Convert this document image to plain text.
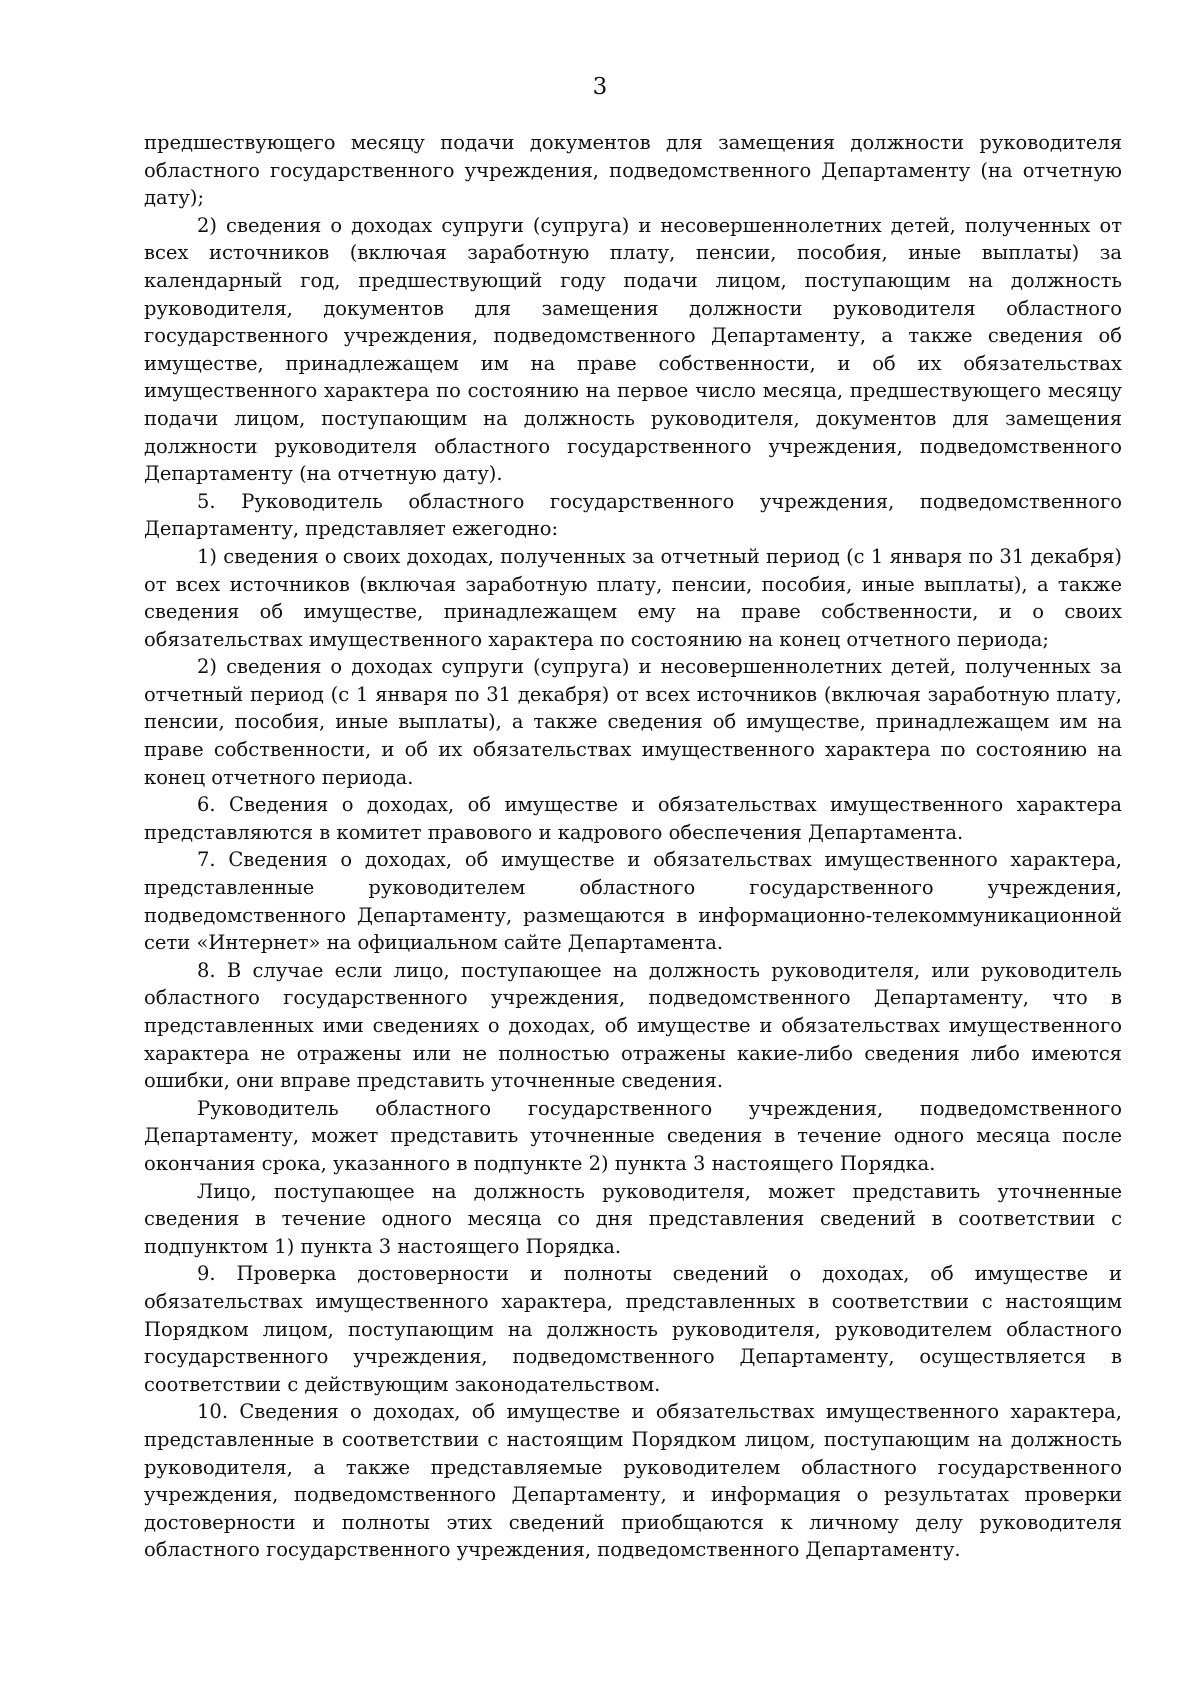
3

предшествующего месяцу подачи документов для замещения должности руководителя областного государственного учреждения, подведомственного Департаменту (на отчетную дату);

2) сведения о доходах супруги (супруга) и несовершеннолетних детей, полученных от всех источников (включая заработную плату, пенсии, пособия, иные выплаты) за календарный год, предшествующий году подачи лицом, поступающим на должность руководителя, документов для замещения должности руководителя областного государственного учреждения, подведомственного Департаменту, а также сведения об имуществе, принадлежащем им на праве собственности, и об их обязательствах имущественного характера по состоянию на первое число месяца, предшествующего месяцу подачи лицом, поступающим на должность руководителя, документов для замещения должности руководителя областного государственного учреждения, подведомственного Департаменту (на отчетную дату).

5. Руководитель областного государственного учреждения, подведомственного Департаменту, представляет ежегодно:

1) сведения о своих доходах, полученных за отчетный период (с 1 января по 31 декабря) от всех источников (включая заработную плату, пенсии, пособия, иные выплаты), а также сведения об имуществе, принадлежащем ему на праве собственности, и о своих обязательствах имущественного характера по состоянию на конец отчетного периода;

2) сведения о доходах супруги (супруга) и несовершеннолетних детей, полученных за отчетный период (с 1 января по 31 декабря) от всех источников (включая заработную плату, пенсии, пособия, иные выплаты), а также сведения об имуществе, принадлежащем им на праве собственности, и об их обязательствах имущественного характера по состоянию на конец отчетного периода.

6. Сведения о доходах, об имуществе и обязательствах имущественного характера представляются в комитет правового и кадрового обеспечения Департамента.

7. Сведения о доходах, об имуществе и обязательствах имущественного характера, представленные руководителем областного государственного учреждения, подведомственного Департаменту, размещаются в информационно-телекоммуникационной сети «Интернет» на официальном сайте Департамента.

8. В случае если лицо, поступающее на должность руководителя, или руководитель областного государственного учреждения, подведомственного Департаменту, что в представленных ими сведениях о доходах, об имуществе и обязательствах имущественного характера не отражены или не полностью отражены какие-либо сведения либо имеются ошибки, они вправе представить уточненные сведения.

Руководитель областного государственного учреждения, подведомственного Департаменту, может представить уточненные сведения в течение одного месяца после окончания срока, указанного в подпункте 2) пункта 3 настоящего Порядка.

Лицо, поступающее на должность руководителя, может представить уточненные сведения в течение одного месяца со дня представления сведений в соответствии с подпунктом 1) пункта 3 настоящего Порядка.

9. Проверка достоверности и полноты сведений о доходах, об имуществе и обязательствах имущественного характера, представленных в соответствии с настоящим Порядком лицом, поступающим на должность руководителя, руководителем областного государственного учреждения, подведомственного Департаменту, осуществляется в соответствии с действующим законодательством.

10. Сведения о доходах, об имуществе и обязательствах имущественного характера, представленные в соответствии с настоящим Порядком лицом, поступающим на должность руководителя, а также представляемые руководителем областного государственного учреждения, подведомственного Департаменту, и информация о результатах проверки достоверности и полноты этих сведений приобщаются к личному делу руководителя областного государственного учреждения, подведомственного Департаменту.
